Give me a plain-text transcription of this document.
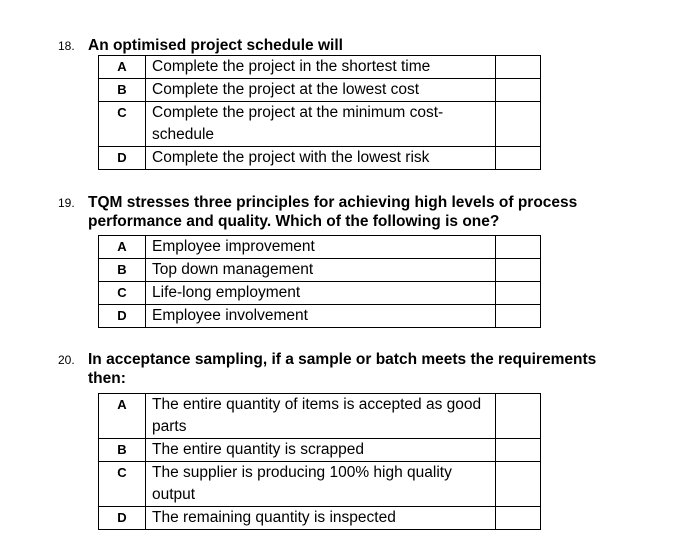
18. An optimised project schedule will
A	Complete the project in the shortest time	
B	Complete the project at the lowest cost	
C	Complete the project at the minimum cost-schedule	
D	Complete the project with the lowest risk	
19. TQM stresses three principles for achieving high levels of process
performance and quality. Which of the following is one?
A	Employee improvement	
B	Top down management	
C	Life-long employment	
D	Employee involvement	
20. In acceptance sampling, if a sample or batch meets the requirements
then:
A	The entire quantity of items is accepted as good parts	
B	The entire quantity is scrapped	
C	The supplier is producing 100% high quality output	
D	The remaining quantity is inspected	
